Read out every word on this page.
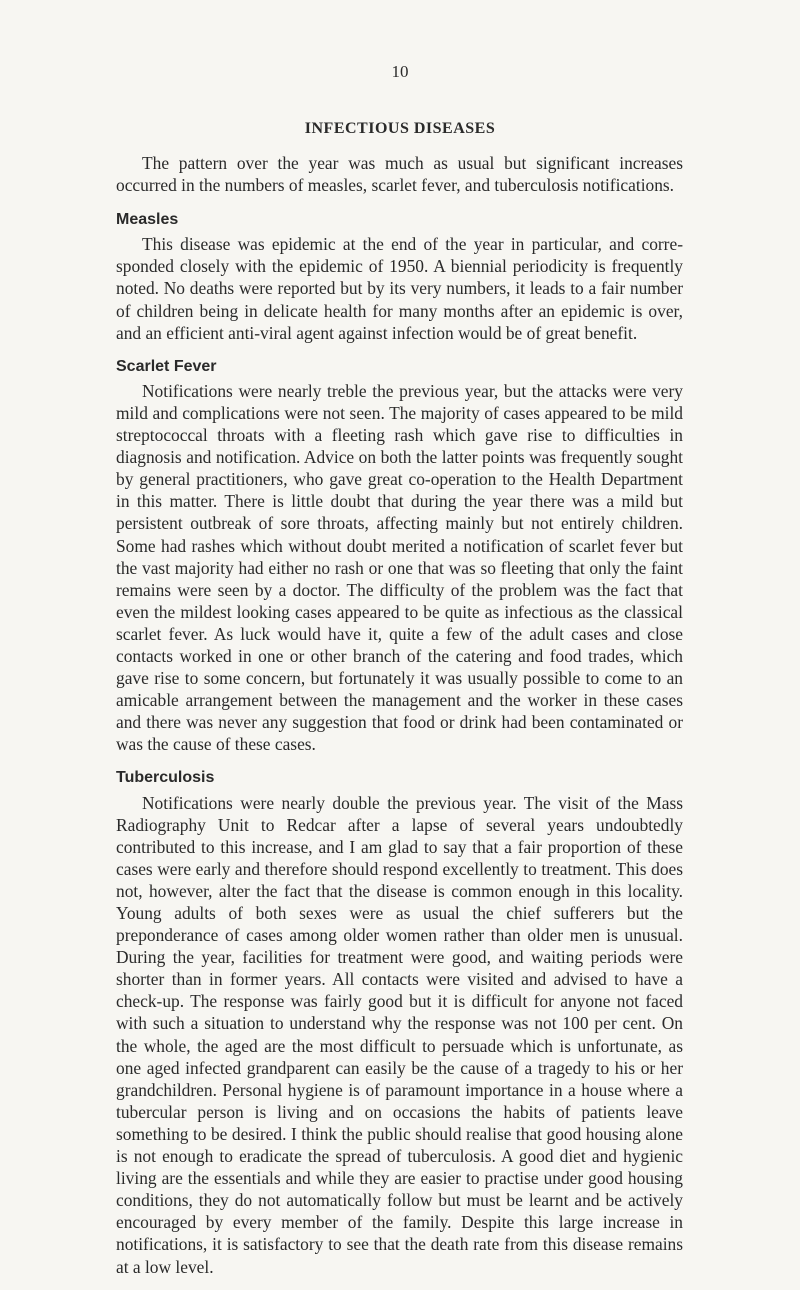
10
INFECTIOUS DISEASES

The pattern over the year was much as usual but significant increases occurred in the numbers of measles, scarlet fever, and tuberculosis notifications.

Measles

This disease was epidemic at the end of the year in particular, and corresponded closely with the epidemic of 1950. A biennial periodicity is frequently noted. No deaths were reported but by its very numbers, it leads to a fair number of children being in delicate health for many months after an epidemic is over, and an efficient anti-viral agent against infection would be of great benefit.

Scarlet Fever

Notifications were nearly treble the previous year, but the attacks were very mild and complications were not seen. The majority of cases appeared to be mild streptococcal throats with a fleeting rash which gave rise to difficulties in diagnosis and notification. Advice on both the latter points was frequently sought by general practitioners, who gave great co-operation to the Health Department in this matter. There is little doubt that during the year there was a mild but persistent outbreak of sore throats, affecting mainly but not entirely children. Some had rashes which without doubt merited a notification of scarlet fever but the vast majority had either no rash or one that was so fleeting that only the faint remains were seen by a doctor. The difficulty of the problem was the fact that even the mildest looking cases appeared to be quite as infectious as the classical scarlet fever. As luck would have it, quite a few of the adult cases and close contacts worked in one or other branch of the catering and food trades, which gave rise to some concern, but fortunately it was usually possible to come to an amicable arrangement between the management and the worker in these cases and there was never any suggestion that food or drink had been contaminated or was the cause of these cases.

Tuberculosis

Notifications were nearly double the previous year. The visit of the Mass Radiography Unit to Redcar after a lapse of several years undoubtedly contributed to this increase, and I am glad to say that a fair proportion of these cases were early and therefore should respond excellently to treatment. This does not, however, alter the fact that the disease is common enough in this locality. Young adults of both sexes were as usual the chief sufferers but the preponderance of cases among older women rather than older men is unusual. During the year, facilities for treatment were good, and waiting periods were shorter than in former years. All contacts were visited and advised to have a check-up. The response was fairly good but it is difficult for anyone not faced with such a situation to understand why the response was not 100 per cent. On the whole, the aged are the most difficult to persuade which is unfortunate, as one aged infected grandparent can easily be the cause of a tragedy to his or her grandchildren. Personal hygiene is of paramount importance in a house where a tubercular person is living and on occasions the habits of patients leave something to be desired. I think the public should realise that good housing alone is not enough to eradicate the spread of tuberculosis. A good diet and hygienic living are the essentials and while they are easier to practise under good housing conditions, they do not automatically follow but must be learnt and be actively encouraged by every member of the family. Despite this large increase in notifications, it is satisfactory to see that the death rate from this disease remains at a low level.
